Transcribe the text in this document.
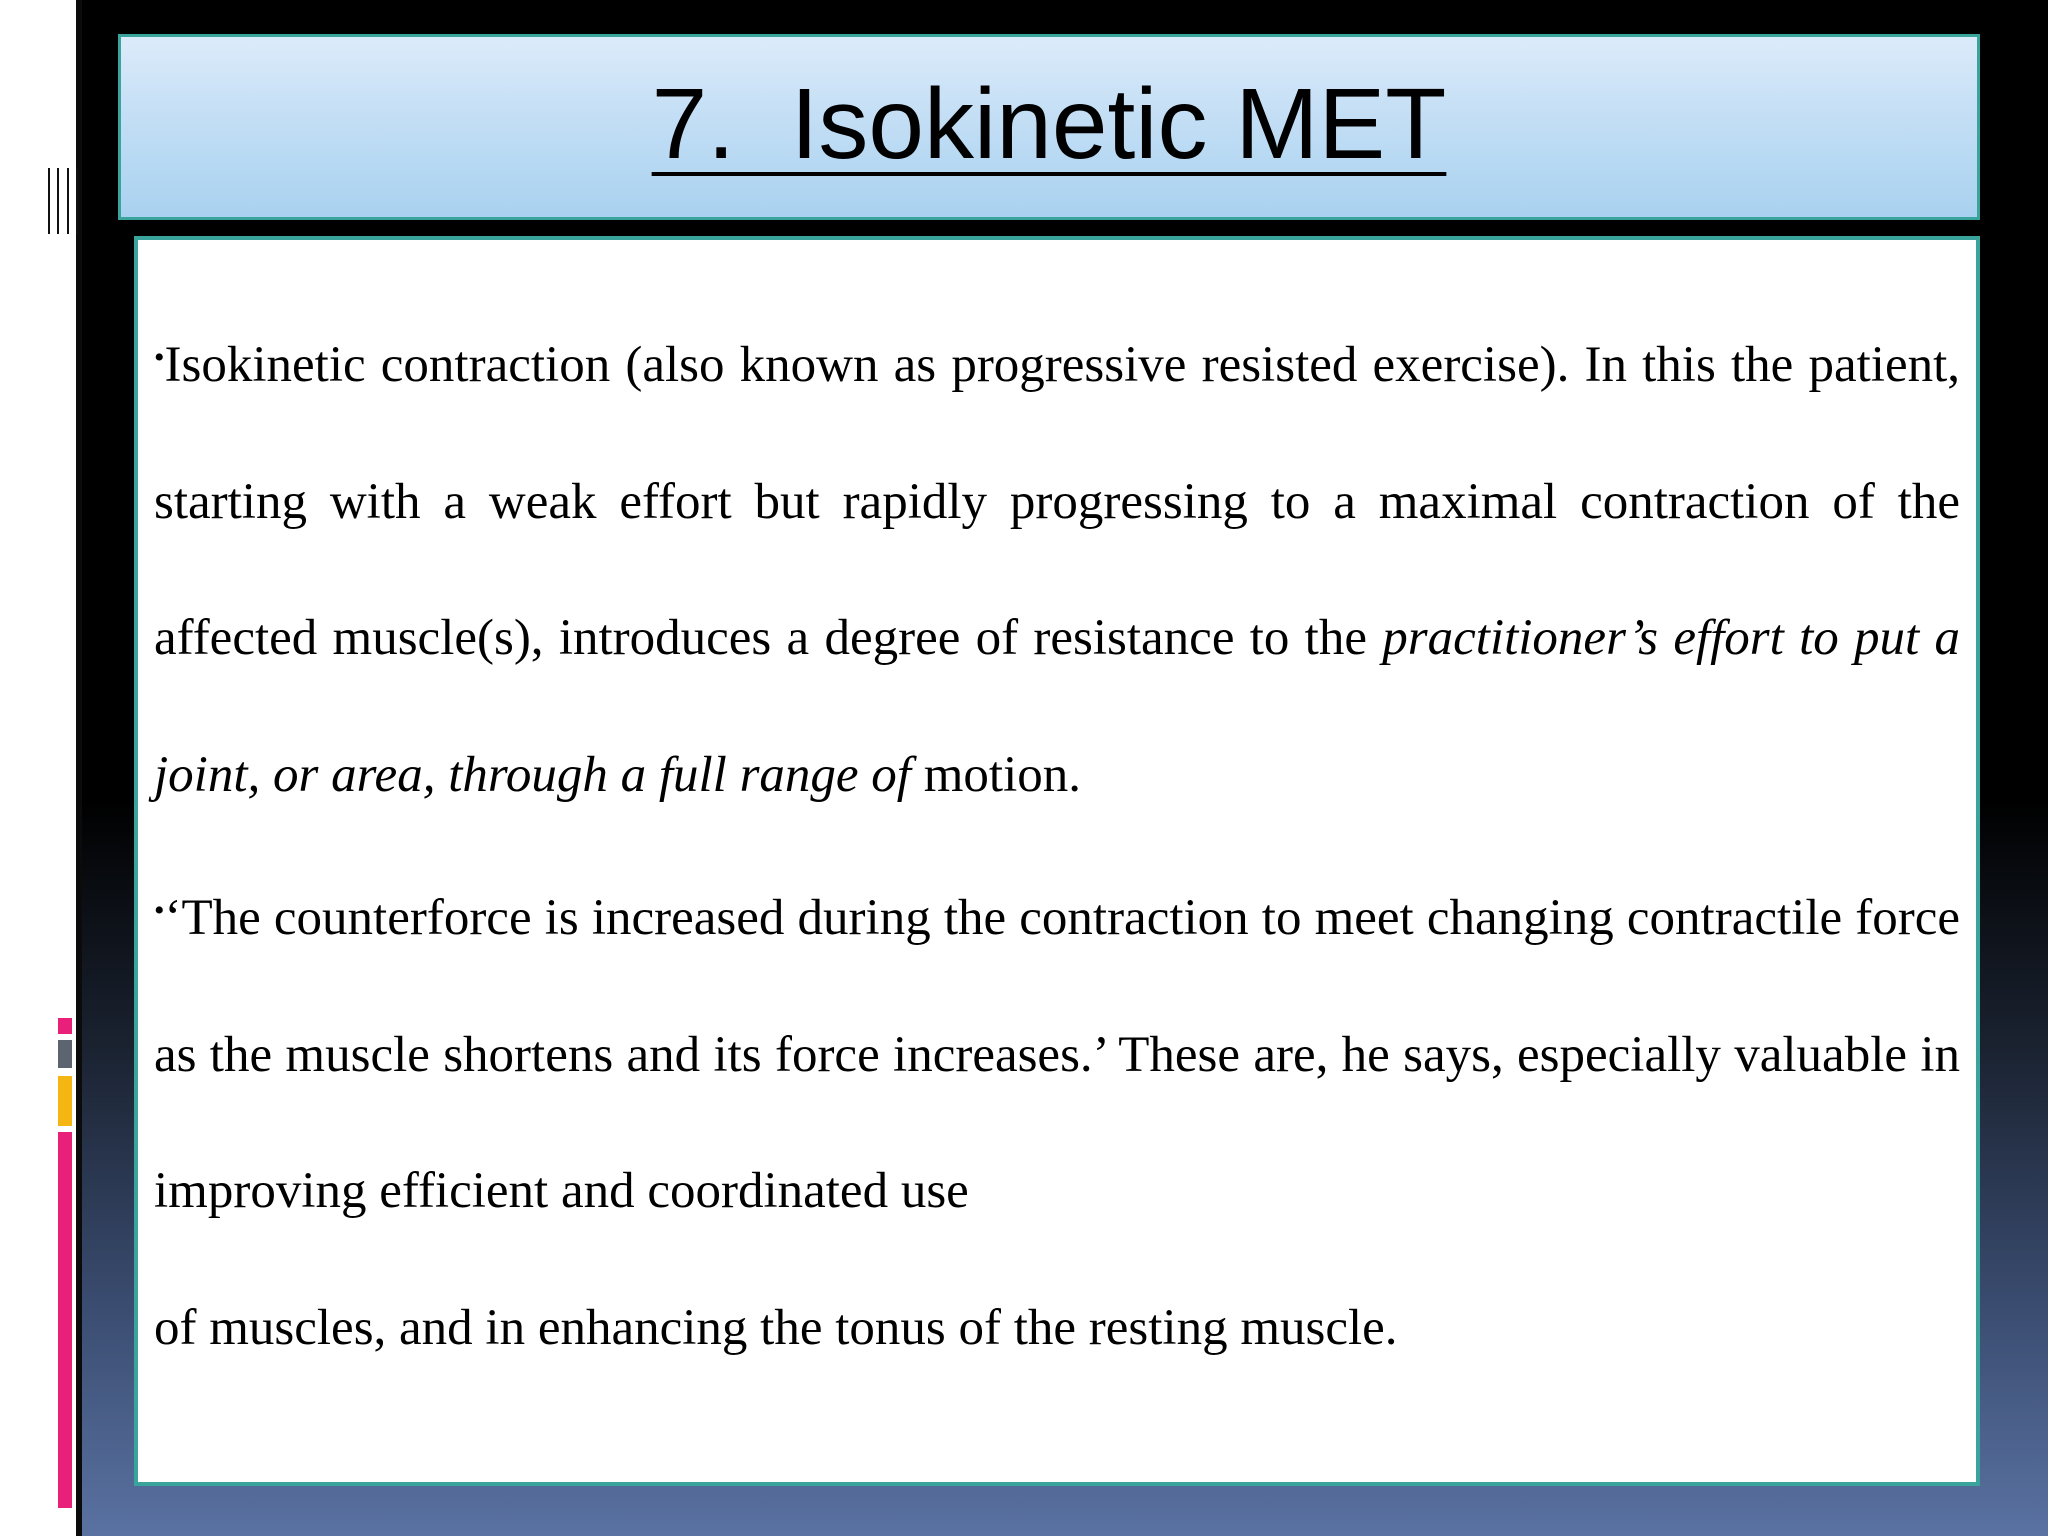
7.  Isokinetic MET

•Isokinetic contraction (also known as progressive resisted exercise). In this the patient, starting with a weak effort but rapidly progressing to a maximal contraction of the affected muscle(s), introduces a degree of resistance to the practitioner’s effort to put a joint, or area, through a full range of motion.

•‘The counterforce is increased during the contraction to meet changing contractile force as the muscle shortens and its force increases.’ These are, he says, especially valuable in improving efficient and coordinated use
of muscles, and in enhancing the tonus of the resting muscle.
